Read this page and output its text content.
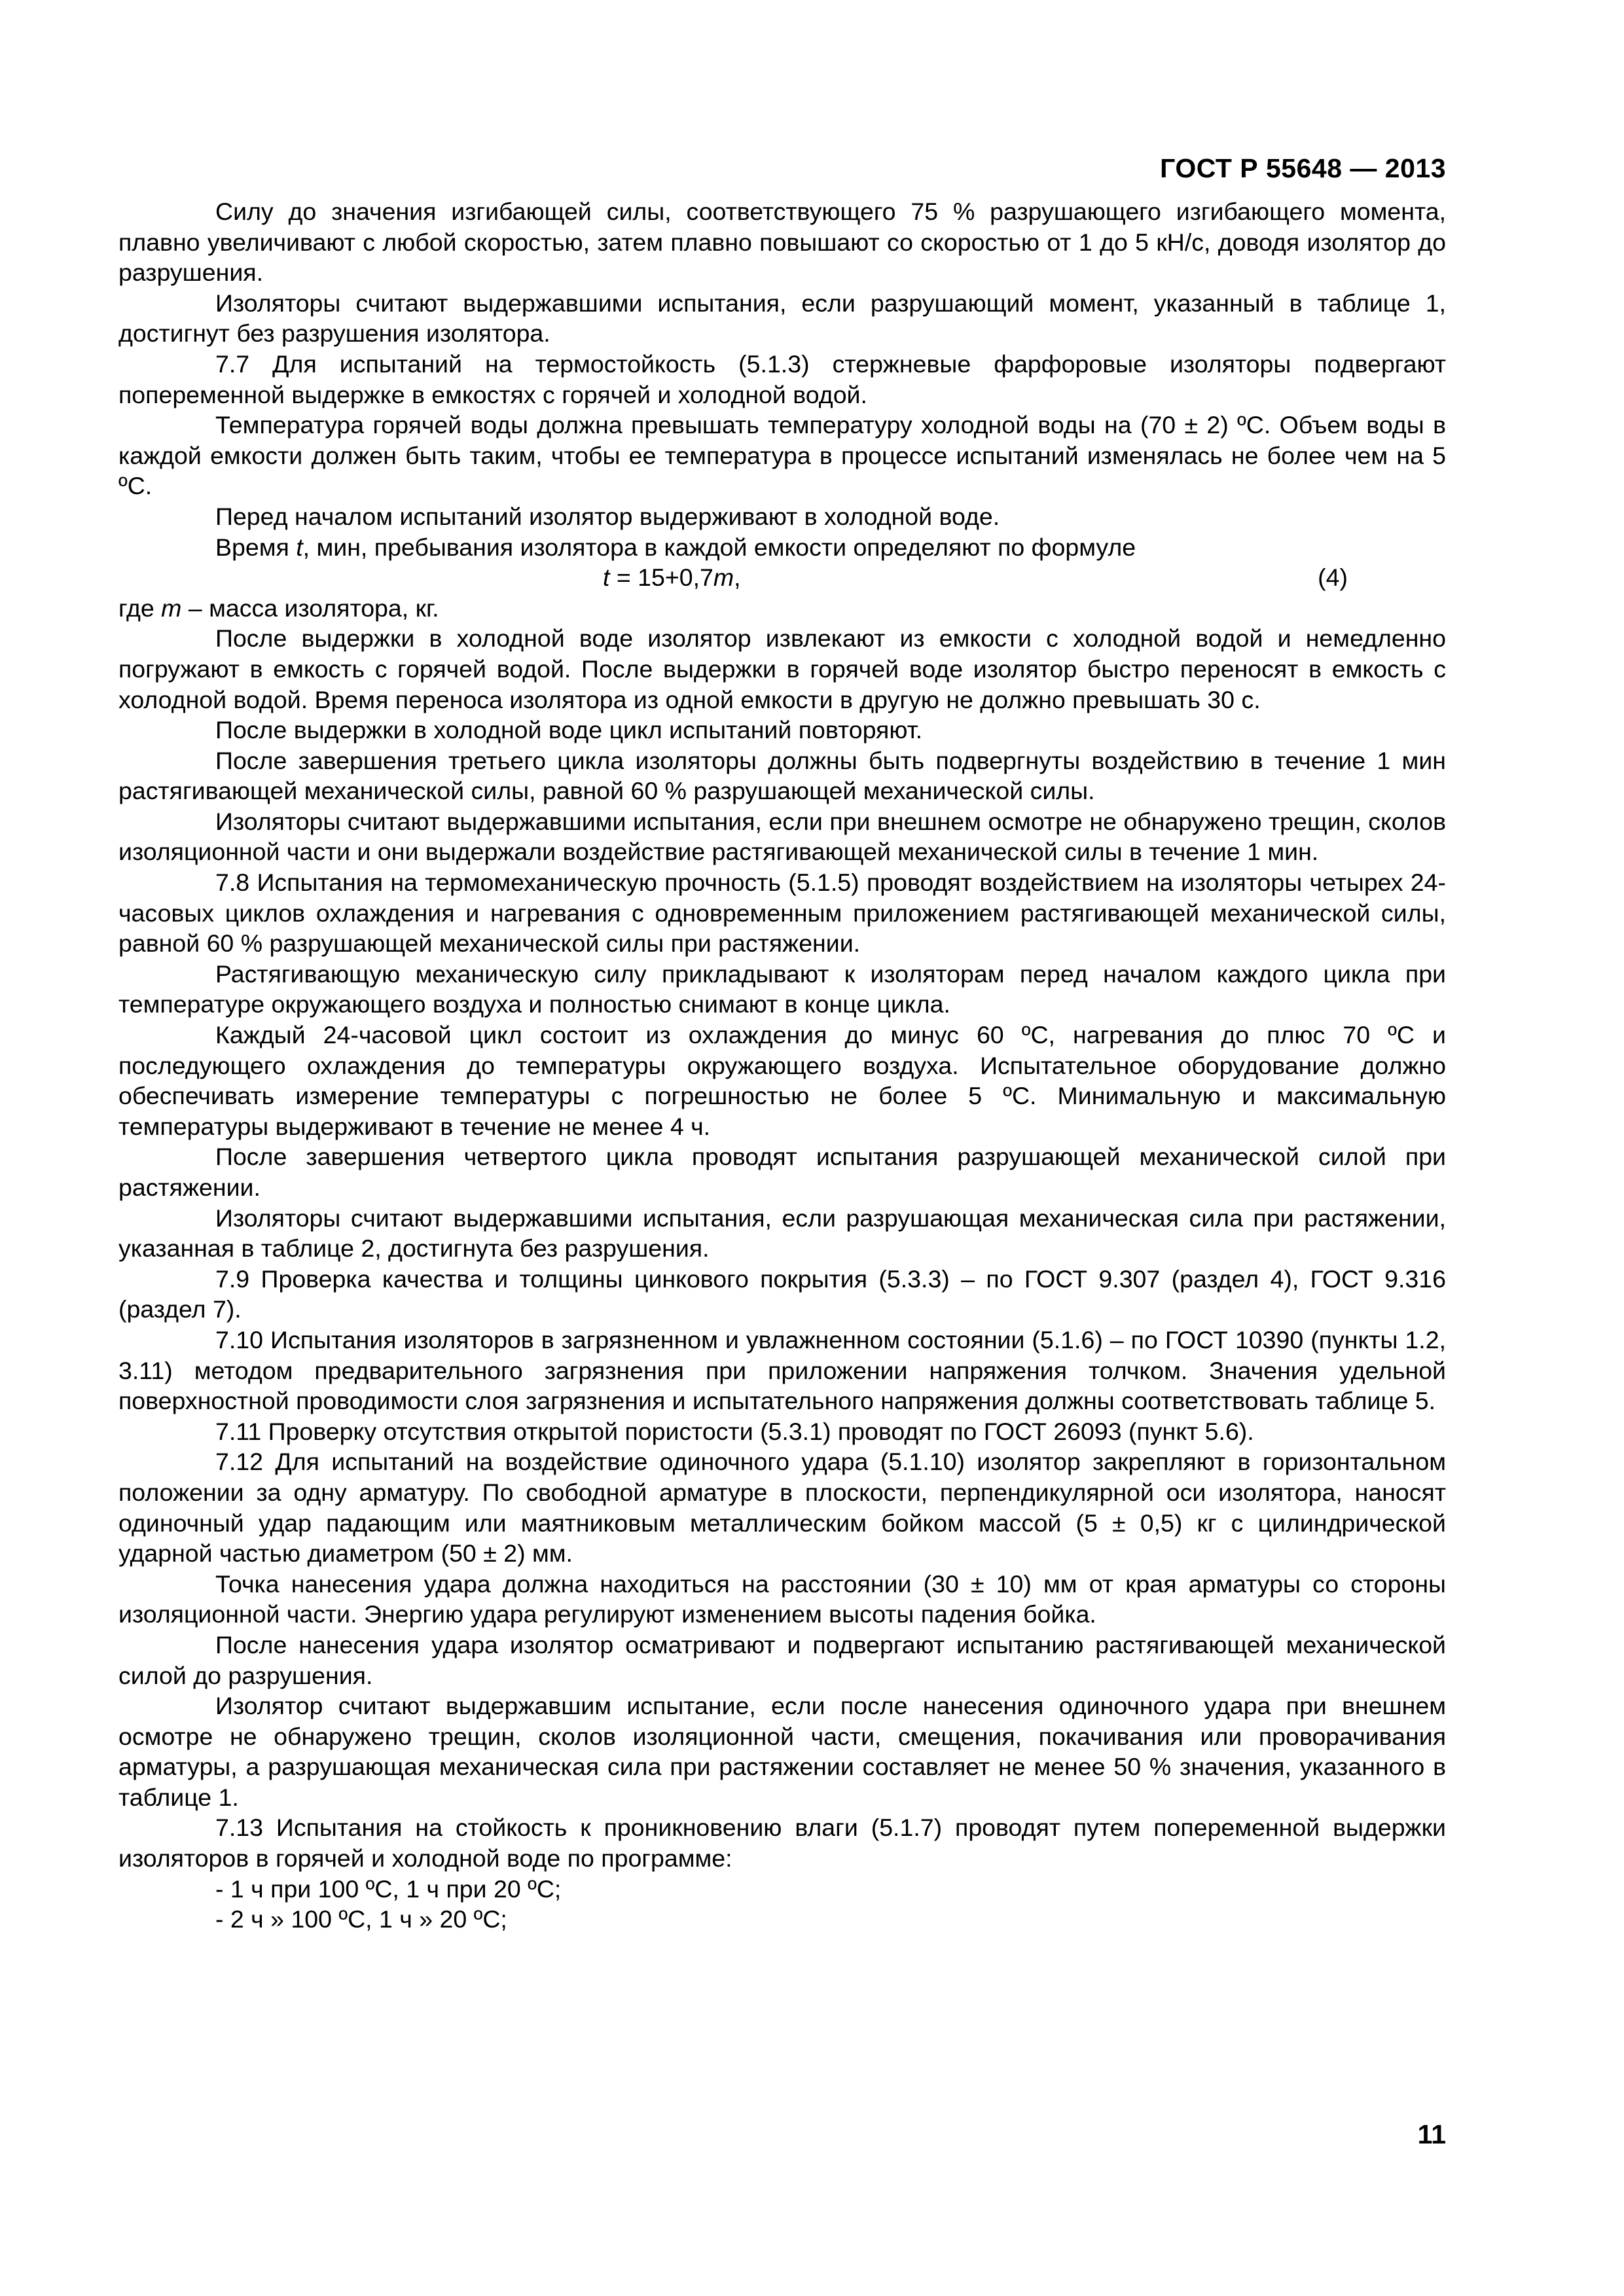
ГОСТ Р 55648 — 2013

Силу до значения изгибающей силы, соответствующего 75 % разрушающего изгибающего момента, плавно увеличивают с любой скоростью, затем плавно повышают со скоростью от 1 до 5 кН/с, доводя изолятор до разрушения.

Изоляторы считают выдержавшими испытания, если разрушающий момент, указанный в таблице 1, достигнут без разрушения изолятора.

7.7 Для испытаний на термостойкость (5.1.3) стержневые фарфоровые изоляторы подвергают попеременной выдержке в емкостях с горячей и холодной водой.

Температура горячей воды должна превышать температуру холодной воды на (70 ± 2) ºС. Объем воды в каждой емкости должен быть таким, чтобы ее температура в процессе испытаний изменялась не более чем на 5 ºС.

Перед началом испытаний изолятор выдерживают в холодной воде.

Время t, мин, пребывания изолятора в каждой емкости определяют по формуле

t = 15+0,7m,	(4)

где m – масса изолятора, кг.

После выдержки в холодной воде изолятор извлекают из емкости с холодной водой и немедленно погружают в емкость с горячей водой. После выдержки в горячей воде изолятор быстро переносят в емкость с холодной водой. Время переноса изолятора из одной емкости в другую не должно превышать 30 с.

После выдержки в холодной воде цикл испытаний повторяют.

После завершения третьего цикла изоляторы должны быть подвергнуты воздействию в течение 1 мин растягивающей механической силы, равной 60 % разрушающей механической силы.

Изоляторы считают выдержавшими испытания, если при внешнем осмотре не обнаружено трещин, сколов изоляционной части и они выдержали воздействие растягивающей механической силы в течение 1 мин.

7.8 Испытания на термомеханическую прочность (5.1.5) проводят воздействием на изоляторы четырех 24-часовых циклов охлаждения и нагревания с одновременным приложением растягивающей механической силы, равной 60 % разрушающей механической силы при растяжении.

Растягивающую механическую силу прикладывают к изоляторам перед началом каждого цикла при температуре окружающего воздуха и полностью снимают в конце цикла.

Каждый 24-часовой цикл состоит из охлаждения до минус 60 ºС, нагревания до плюс 70 ºС и последующего охлаждения до температуры окружающего воздуха. Испытательное оборудование должно обеспечивать измерение температуры с погрешностью не более 5 ºС. Минимальную и максимальную температуры выдерживают в течение не менее 4 ч.

После завершения четвертого цикла проводят испытания разрушающей механической силой при растяжении.

Изоляторы считают выдержавшими испытания, если разрушающая механическая сила при растяжении, указанная в таблице 2, достигнута без разрушения.

7.9 Проверка качества и толщины цинкового покрытия (5.3.3) – по ГОСТ 9.307 (раздел 4), ГОСТ 9.316 (раздел 7).

7.10 Испытания изоляторов в загрязненном и увлажненном состоянии (5.1.6) – по ГОСТ 10390 (пункты 1.2, 3.11) методом предварительного загрязнения при приложении напряжения толчком. Значения удельной поверхностной проводимости слоя загрязнения и испытательного напряжения должны соответствовать таблице 5.

7.11 Проверку отсутствия открытой пористости (5.3.1) проводят по ГОСТ 26093 (пункт 5.6).

7.12 Для испытаний на воздействие одиночного удара (5.1.10) изолятор закрепляют в горизонтальном положении за одну арматуру. По свободной арматуре в плоскости, перпендикулярной оси изолятора, наносят одиночный удар падающим или маятниковым металлическим бойком массой (5 ± 0,5) кг с цилиндрической ударной частью диаметром (50 ± 2) мм.

Точка нанесения удара должна находиться на расстоянии (30 ± 10) мм от края арматуры со стороны изоляционной части. Энергию удара регулируют изменением высоты падения бойка.

После нанесения удара изолятор осматривают и подвергают испытанию растягивающей механической силой до разрушения.

Изолятор считают выдержавшим испытание, если после нанесения одиночного удара при внешнем осмотре не обнаружено трещин, сколов изоляционной части, смещения, покачивания или проворачивания арматуры, а разрушающая механическая сила при растяжении составляет не менее 50 % значения, указанного в таблице 1.

7.13 Испытания на стойкость к проникновению влаги (5.1.7) проводят путем попеременной выдержки изоляторов в горячей и холодной воде по программе:

- 1 ч при 100 ºС, 1 ч при 20 ºС;

- 2 ч » 100 ºС, 1 ч » 20 ºС;

11
